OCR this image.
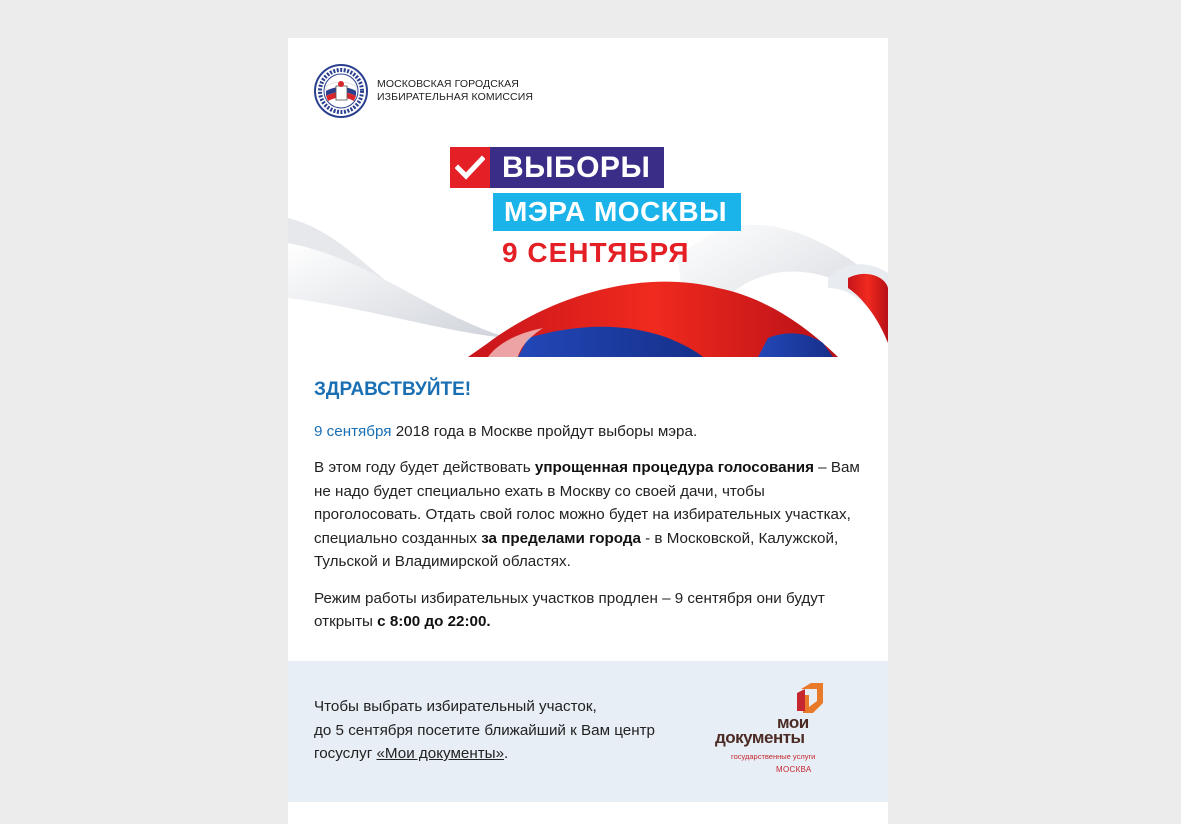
МОСКОВСКАЯ ГОРОДСКАЯ
ИЗБИРАТЕЛЬНАЯ КОМИССИЯ
ВЫБОРЫ
МЭРА МОСКВЫ
9 СЕНТЯБРЯ
ЗДРАВСТВУЙТЕ!

9 сентября 2018 года в Москве пройдут выборы мэра.

В этом году будет действовать упрощенная процедура голосования – Вам не надо будет специально ехать в Москву со своей дачи, чтобы проголосовать. Отдать свой голос можно будет на избирательных участках, специально созданных за пределами города - в Московской, Калужской, Тульской и Владимирской областях.

Режим работы избирательных участков продлен – 9 сентября они будут открыты с 8:00 до 22:00.

Чтобы выбрать избирательный участок,
до 5 сентября посетите ближайший к Вам центр
госуслуг «Мои документы».
мои
документы
государственные услуги
МОСКВА
